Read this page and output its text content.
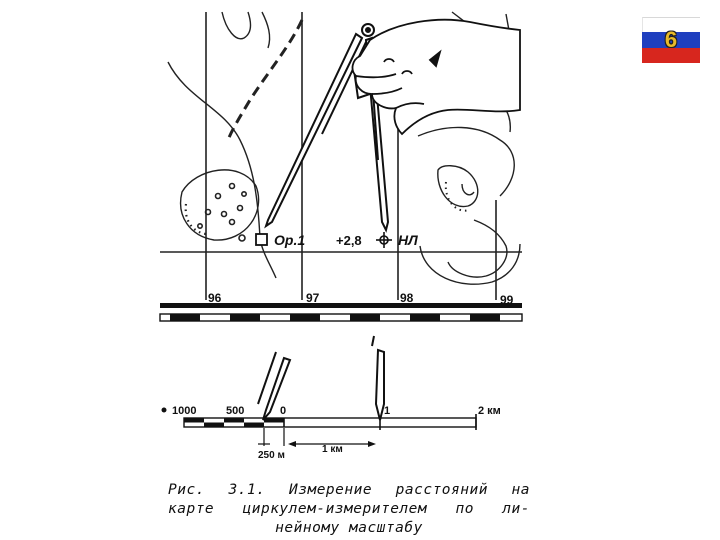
96	97	98	99
Ор.1 +2,8	НЛ
1000	500	0	1	2 км
250 м
1 км
Рис. 3.1. Измерение расстояний на
карте циркулем-измерителем по ли-
нейному масштабу
6
